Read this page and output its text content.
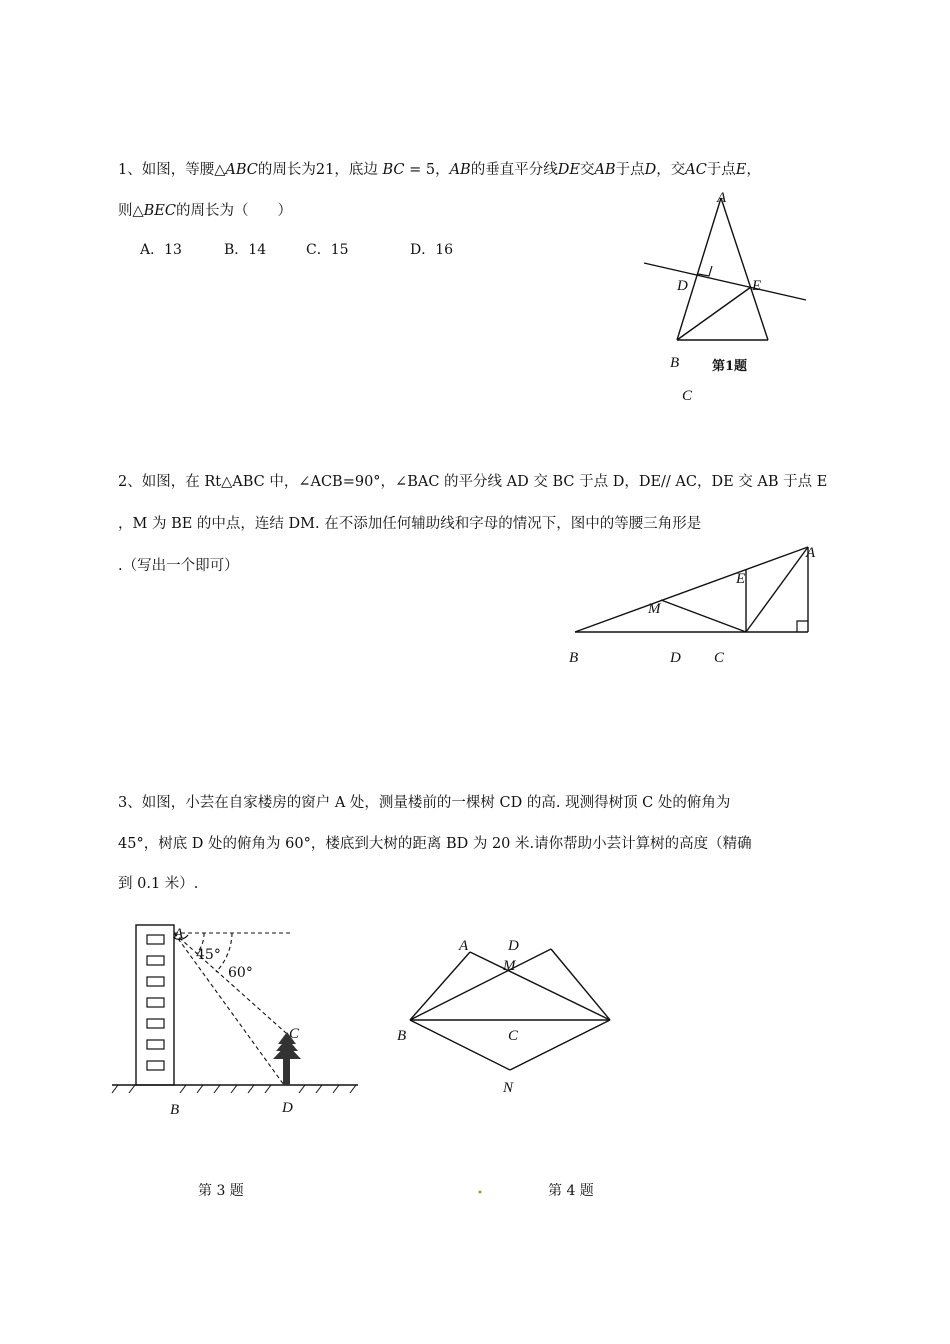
1、如图，等腰△ABC的周长为21，底边 BC = 5，AB的垂直平分线DE交AB于点D，交AC于点E，
则△BEC的周长为（　　）
A．13	B．14	C．15	D．16
2、如图，在 Rt△ABC 中，∠ACB=90°，∠BAC 的平分线 AD 交 BC 于点 D，DE// AC，DE 交 AB 于点 E
，M 为 BE 的中点，连结 DM. 在不添加任何辅助线和字母的情况下，图中的等腰三角形是
.（写出一个即可）
3、如图，小芸在自家楼房的窗户 A 处，测量楼前的一棵树 CD 的高. 现测得树顶 C 处的俯角为
45°，树底 D 处的俯角为 60°，楼底到大树的距离 BD 为 20 米.请你帮助小芸计算树的高度（精确
到 0.1 米）.
A
D	E
B	第1题
C
A
E
M
B	D C
A
45°
60°
C
B	D
A	D
M
B	C
N
第 3 题	第 4 题
